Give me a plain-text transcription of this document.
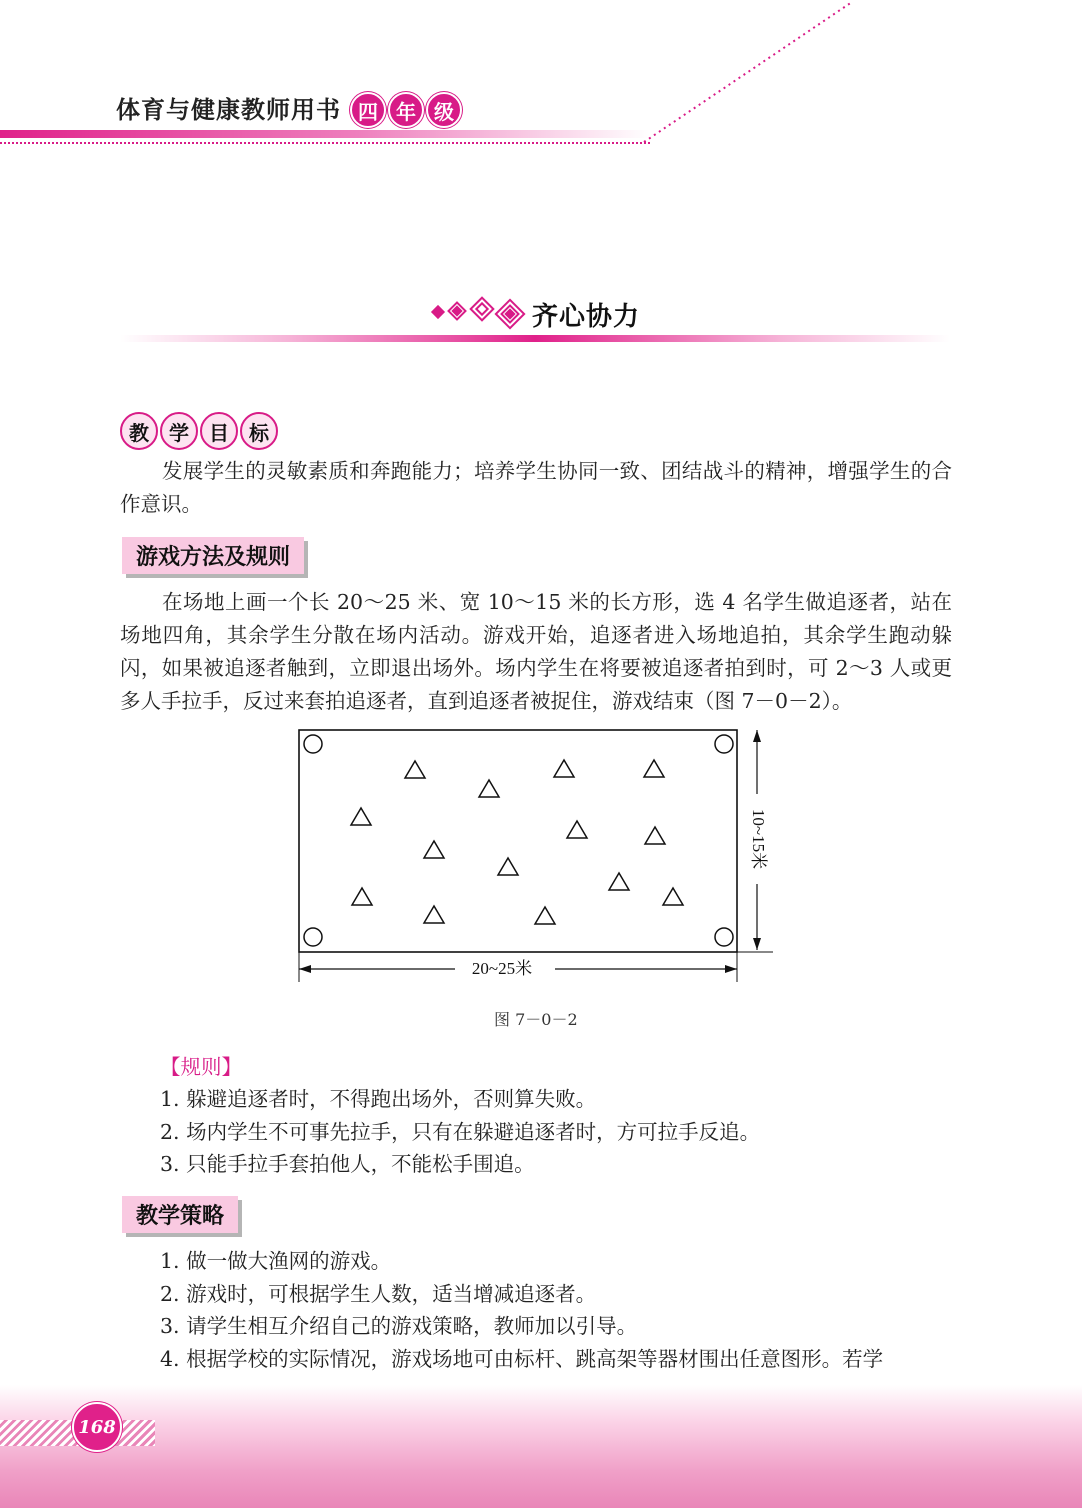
体育与健康教师用书 四 年 级
齐心协力
教	学	目	标
发展学生的灵敏素质和奔跑能力；培养学生协同一致、团结战斗的精神，增强学生的合作意识。
游戏方法及规则
在场地上画一个长 20～25 米、宽 10～15 米的长方形，选 4 名学生做追逐者，站在场地四角，其余学生分散在场内活动。游戏开始，追逐者进入场地追拍，其余学生跑动躲闪，如果被追逐者触到，立即退出场外。场内学生在将要被追逐者拍到时，可 2～3 人或更多人手拉手，反过来套拍追逐者，直到追逐者被捉住，游戏结束（图 7－0－2）。
10~15米
20~25米
图 7－0－2
【规则】
1. 躲避追逐者时，不得跑出场外，否则算失败。
2. 场内学生不可事先拉手，只有在躲避追逐者时，方可拉手反追。
3. 只能手拉手套拍他人，不能松手围追。
教学策略
1. 做一做大渔网的游戏。
2. 游戏时，可根据学生人数，适当增减追逐者。
3. 请学生相互介绍自己的游戏策略，教师加以引导。
4. 根据学校的实际情况，游戏场地可由标杆、跳高架等器材围出任意图形。若学
168
